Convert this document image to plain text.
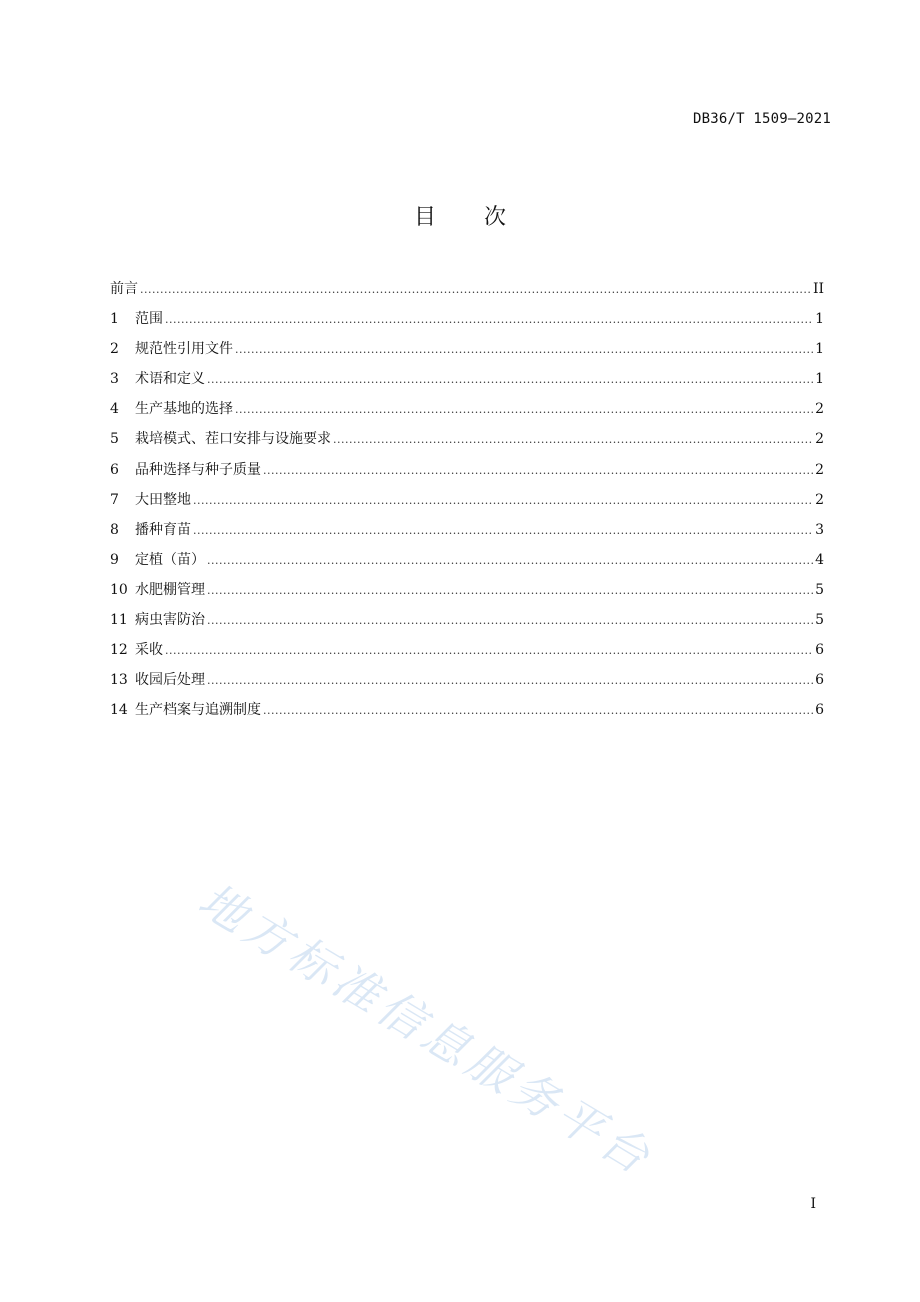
DB36/T 1509—2021
目 次
前言 .....	II
1	范围 .....	1
2	规范性引用文件 .....	1
3	术语和定义 .....	1
4	生产基地的选择 .....	2
5	栽培模式、茬口安排与设施要求 .....	2
6	品种选择与种子质量 .....	2
7	大田整地 .....	2
8	播种育苗 .....	3
9	定植（苗） .....	4
10 水肥棚管理 .....	5
11 病虫害防治 .....	5
12 采收 .....	6
13 收园后处理 .....	6
14 生产档案与追溯制度 .....	6
地方标准信息服务平台
I
